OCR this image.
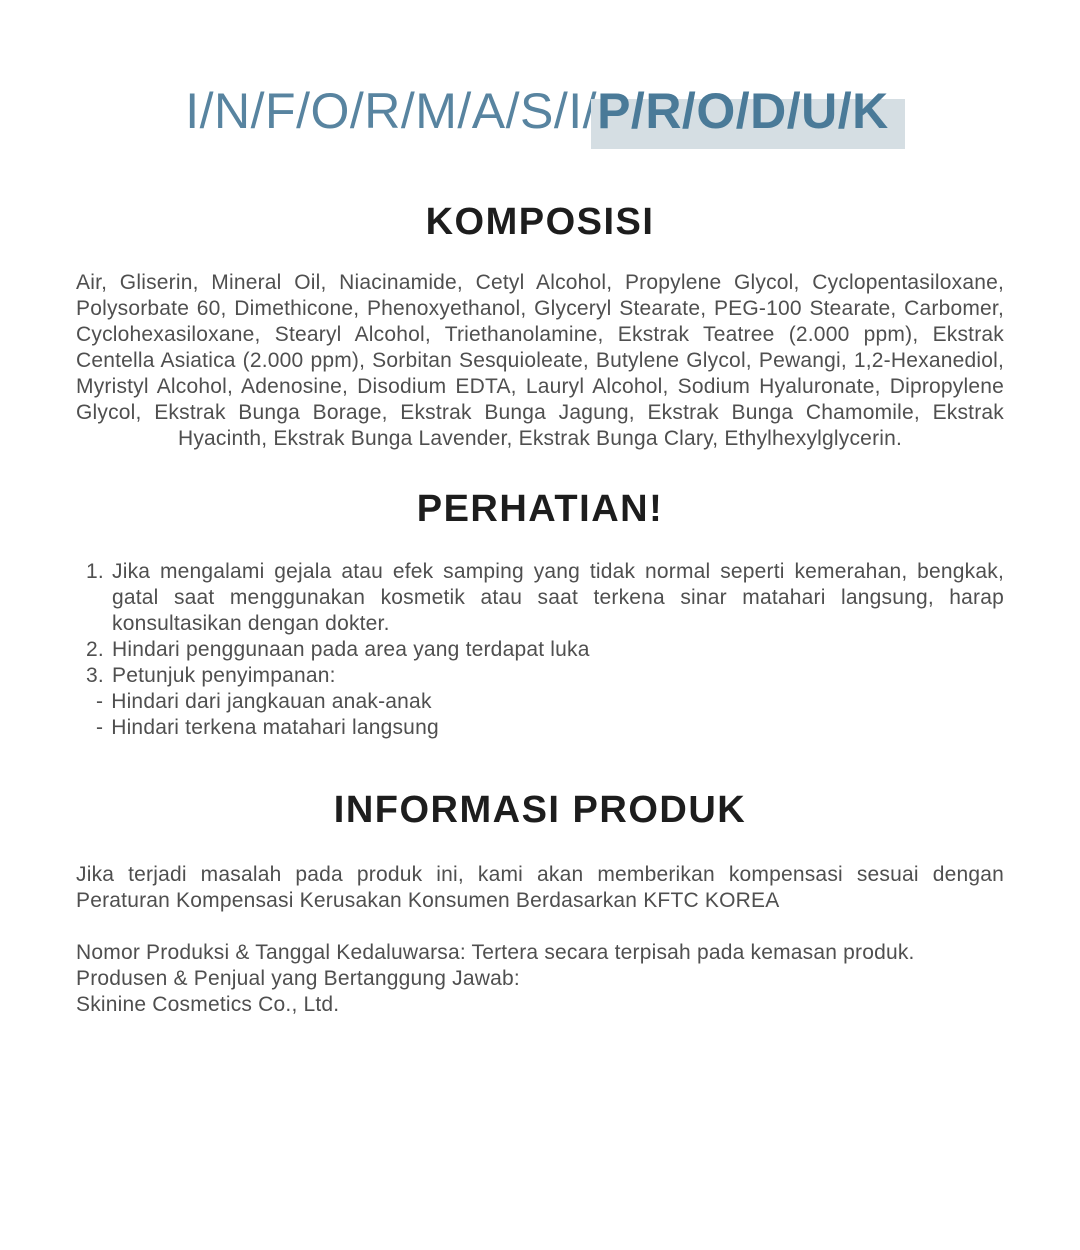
I/N/F/O/R/M/A/S/I/P/R/O/D/U/K
KOMPOSISI

Air, Gliserin, Mineral Oil, Niacinamide, Cetyl Alcohol, Propylene Glycol, Cyclopentasiloxane, Polysorbate 60, Dimethicone, Phenoxyethanol, Glyceryl Stearate, PEG-100 Stearate, Carbomer, Cyclohexasiloxane, Stearyl Alcohol, Triethanolamine, Ekstrak Teatree (2.000 ppm), Ekstrak Centella Asiatica (2.000 ppm), Sorbitan Sesquioleate, Butylene Glycol, Pewangi, 1,2-Hexanediol, Myristyl Alcohol, Adenosine, Disodium EDTA, Lauryl Alcohol, Sodium Hyaluronate, Dipropylene Glycol, Ekstrak Bunga Borage, Ekstrak Bunga Jagung, Ekstrak Bunga Chamomile, Ekstrak Hyacinth, Ekstrak Bunga Lavender, Ekstrak Bunga Clary, Ethylhexylglycerin.

PERHATIAN!
1. Jika mengalami gejala atau efek samping yang tidak normal seperti kemerahan, bengkak, gatal saat menggunakan kosmetik atau saat terkena sinar matahari langsung, harap konsultasikan dengan dokter.
2. Hindari penggunaan pada area yang terdapat luka
3. Petunjuk penyimpanan:
- Hindari dari jangkauan anak-anak
- Hindari terkena matahari langsung
INFORMASI PRODUK

Jika terjadi masalah pada produk ini, kami akan memberikan kompensasi sesuai dengan Peraturan Kompensasi Kerusakan Konsumen Berdasarkan KFTC KOREA

Nomor Produksi & Tanggal Kedaluwarsa: Tertera secara terpisah pada kemasan produk.
Produsen & Penjual yang Bertanggung Jawab:
Skinine Cosmetics Co., Ltd.
